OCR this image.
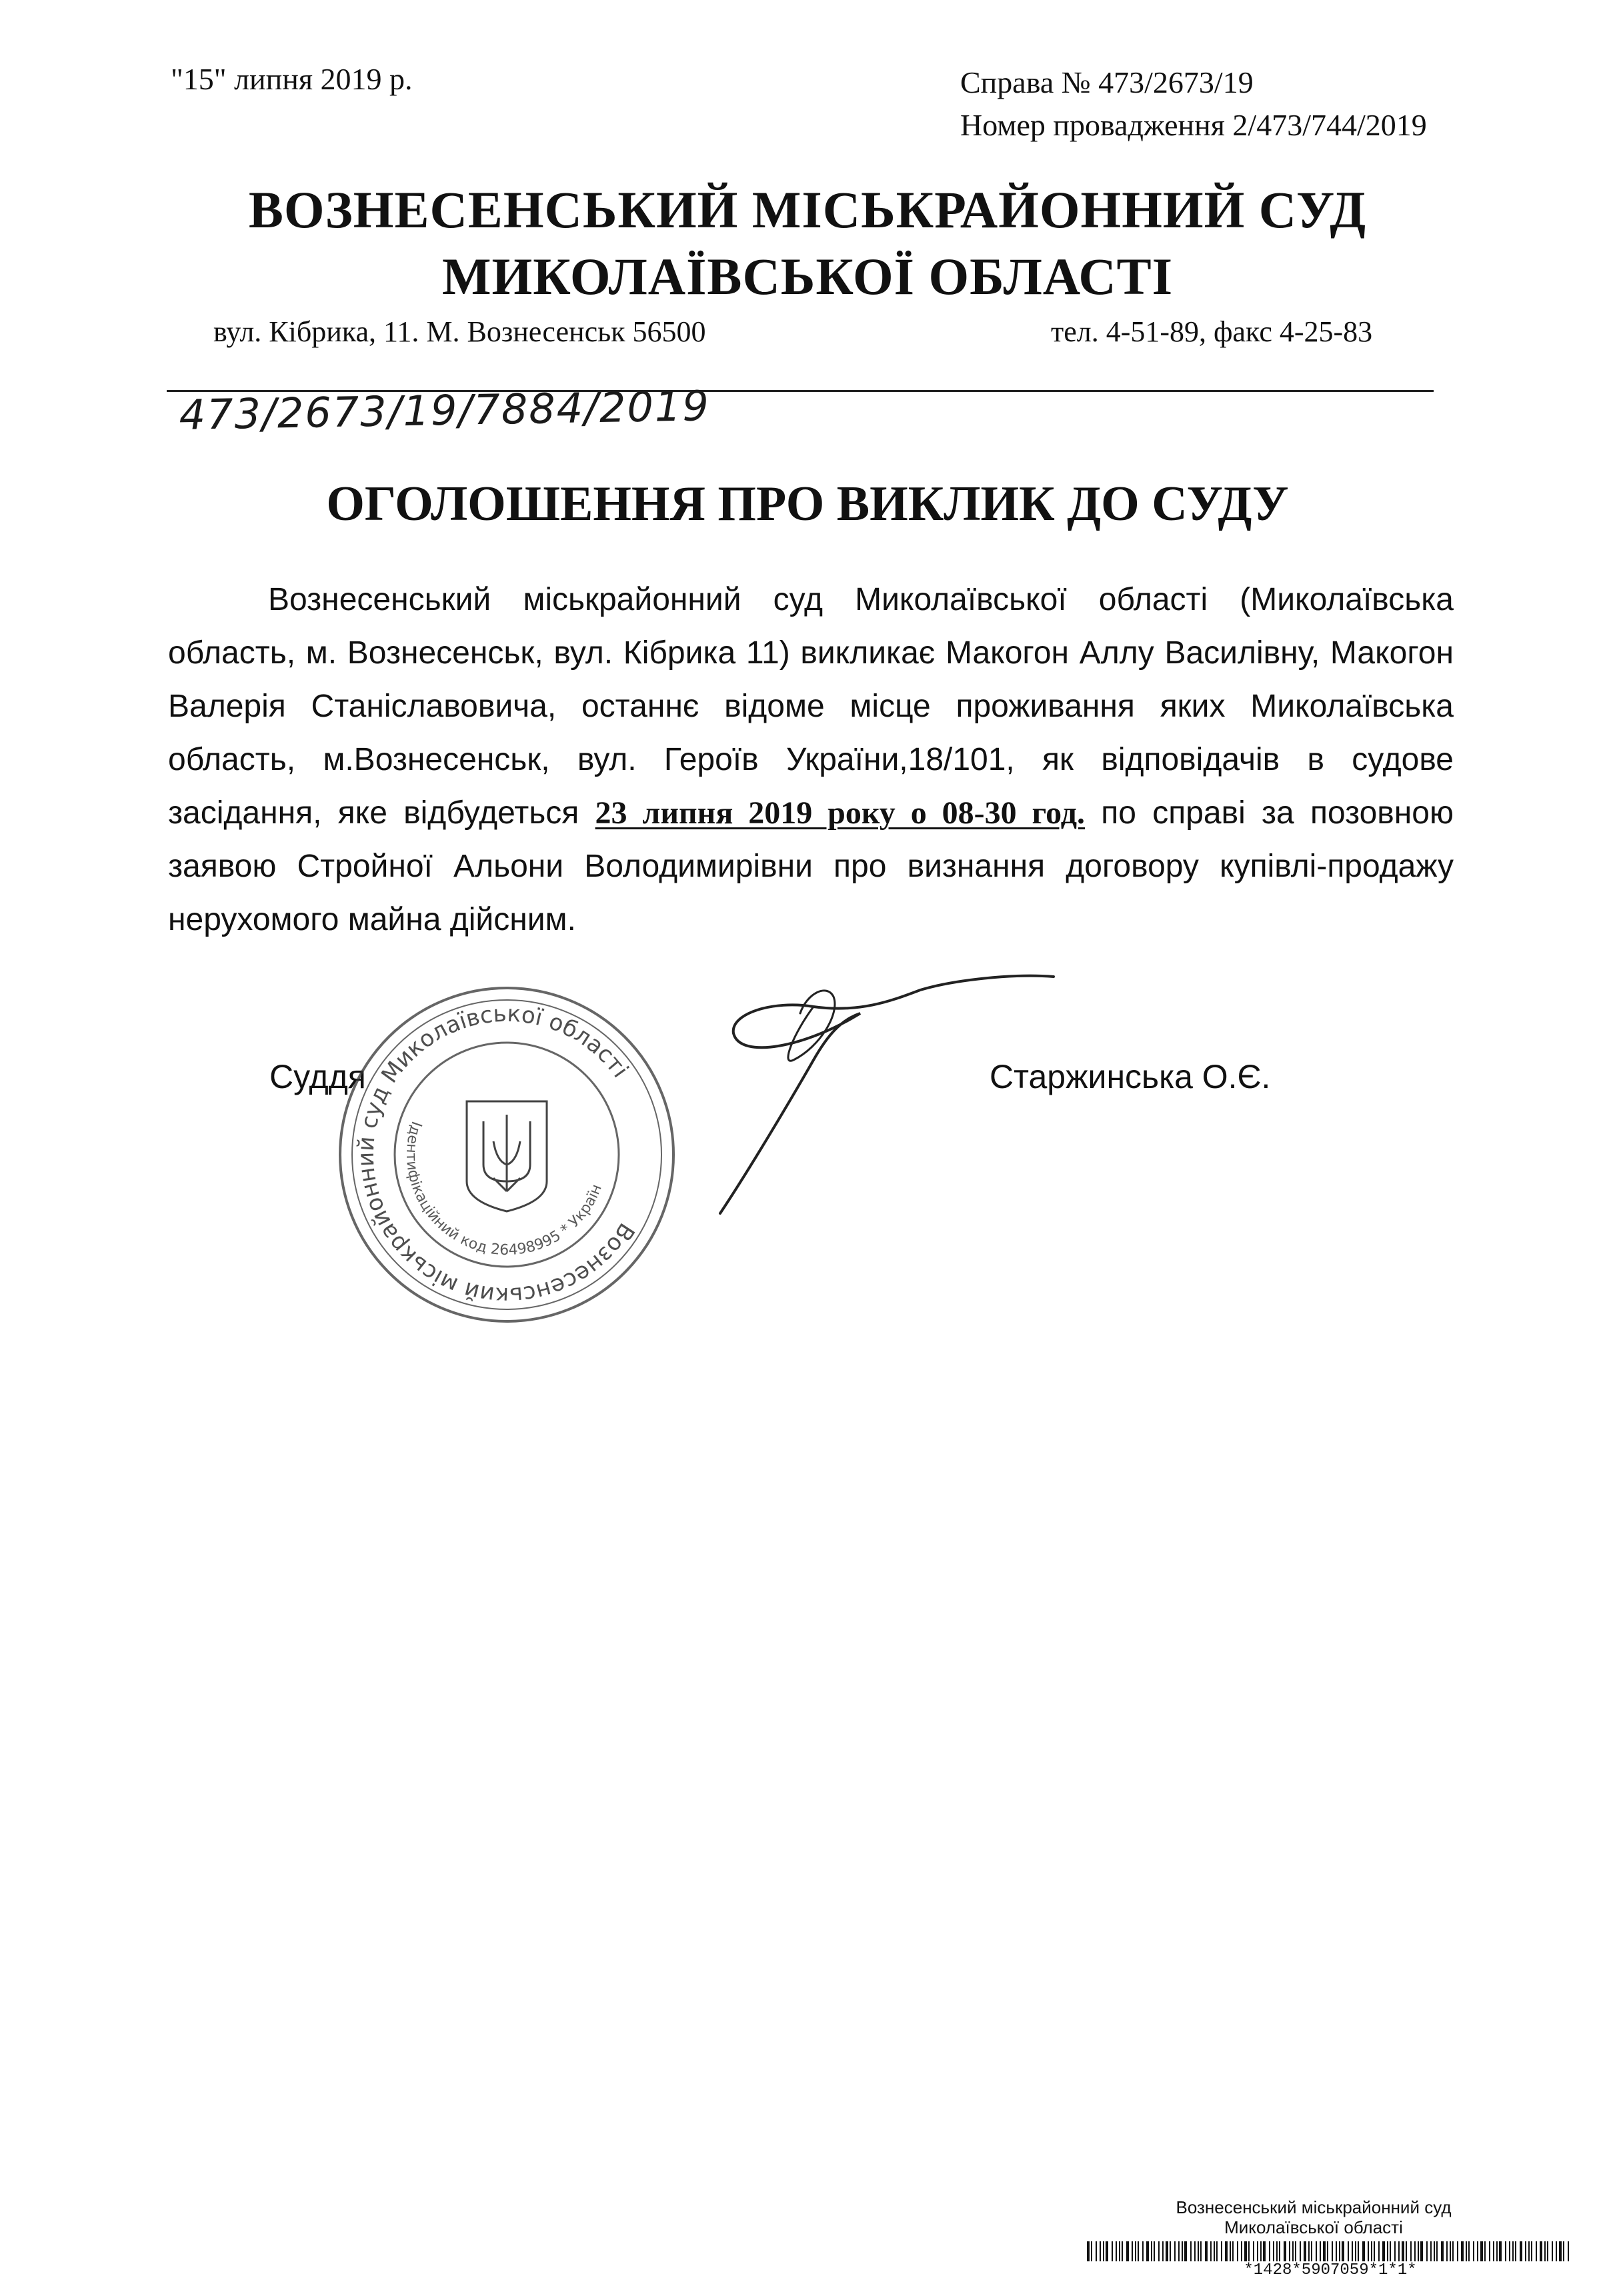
"15" липня 2019 р.	Справа № 473/2673/19
Номер провадження 2/473/744/2019
ВОЗНЕСЕНСЬКИЙ МІСЬКРАЙОННИЙ СУД
МИКОЛАЇВСЬКОЇ ОБЛАСТІ
вул. Кібрика, 11. М. Вознесенськ 56500	тел. 4-51-89, факс 4-25-83
473/2673/19/7884/2019
ОГОЛОШЕННЯ ПРО ВИКЛИК ДО СУДУ

Вознесенський міськрайонний суд Миколаївської області (Миколаївська область, м. Вознесенськ, вул. Кібрика 11) викликає Макогон Аллу Василівну, Макогон Валерія Станіславовича, останнє відоме місце проживання яких Миколаївська область, м.Вознесенськ, вул. Героїв України,18/101, як відповідачів в судове засідання, яке відбудеться 23 липня 2019 року о 08-30 год. по справі за позовною заявою Стройної Альони Володимирівни про визнання договору купівлі-продажу нерухомого майна дійсним.

Суддя	Старжинська О.Є.
Вознесенський міськрайонний суд Миколаївської області
Ідентифікаційний код 26498995 * Україна
Вознесенський міськрайонний суд
Миколаївської області
*1428*5907059*1*1*
